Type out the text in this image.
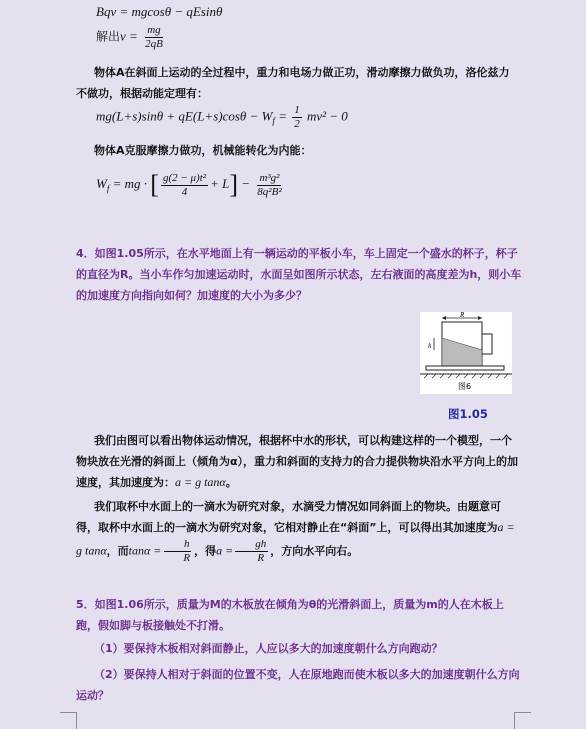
Bqv = mgcosθ − qEsinθ
解出$v = \frac{mg}{2qB}$
物体A在斜面上运动的全过程中，重力和电场力做正功，滑动摩擦力做负功，洛伦兹力不做功，根据动能定理有：
$mg(L+s)\sin\theta + qE(L+s)\cos\theta - W_f = \frac{1}{2} mv^2 - 0$
物体A克服摩擦力做功，机械能转化为内能：
$W_f$ = mg · [ $\frac{\text{g(2 − μ)t²}}{4} + L] - \frac{\text{m³g²}}{\text{8q²B²}}$
4．如图1.05所示，在水平地面上有一辆运动的平板小车，车上固定一个盛水的杯子，杯子的直径为R。当小车作匀加速运动时，水面呈如图所示状态，左右液面的高度差为h，则小车的加速度方向指向如何？加速度的大小为多少？
R
h
图6
图1.05
我们由图可以看出物体运动情况，根据杯中水的形状，可以构建这样的一个模型，一个物块放在光滑的斜面上（倾角为α），重力和斜面的支持力的合力提供物块沿水平方向上的加速度，其加速度为：a = g tanα。
我们取杯中水面上的一滴水为研究对象，水滴受力情况如同斜面上的物块。由题意可得，取杯中水面上的一滴水为研究对象，它相对静止在“斜面”上，可以得出其加速度为a = g tanα，而$\tan\alpha = \frac{h}{R}$ ，得$a = \frac{gh}{R}$ ，方向水平向右。
5．如图1.06所示，质量为M的木板放在倾角为θ的光滑斜面上，质量为m的人在木板上跑，假如脚与板接触处不打滑。
（1）要保持木板相对斜面静止，人应以多大的加速度朝什么方向跑动？
（2）要保持人相对于斜面的位置不变，人在原地跑而使木板以多大的加速度朝什么方向运动？
